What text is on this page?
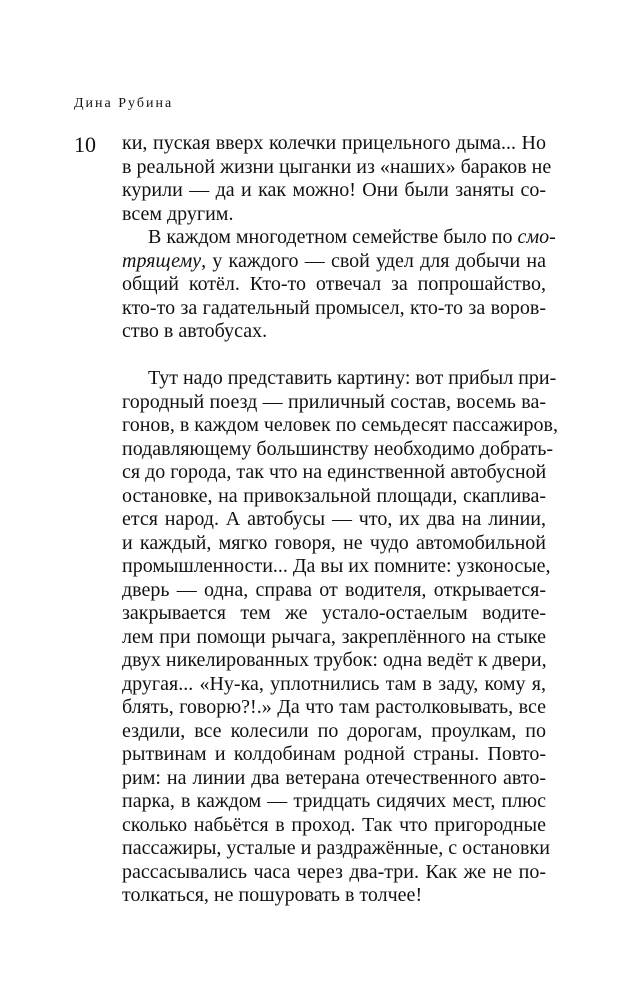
Дина Рубина
10 ки, пуская вверх колечки прицельного дыма... Но
в реальной жизни цыганки из «наших» бараков не
курили — да и как можно! Они были заняты со-
всем другим.
В каждом многодетном семействе было по смо-
трящему, у каждого — свой удел для добычи на
общий котёл. Кто-то отвечал за попрошайство,
кто-то за гадательный промысел, кто-то за воров-
ство в автобусах.
Тут надо представить картину: вот прибыл при-
городный поезд — приличный состав, восемь ва-
гонов, в каждом человек по семьдесят пассажиров,
подавляющему большинству необходимо добрать-
ся до города, так что на единственной автобусной
остановке, на привокзальной площади, скаплива-
ется народ. А автобусы — что, их два на линии,
и каждый, мягко говоря, не чудо автомобильной
промышленности... Да вы их помните: узконосые,
дверь — одна, справа от водителя, открывается-
закрывается тем же устало-остаелым водите-
лем при помощи рычага, закреплённого на стыке
двух никелированных трубок: одна ведёт к двери,
другая... «Ну-ка, уплотнились там в заду, кому я,
блять, говорю?!.» Да что там растолковывать, все
ездили, все колесили по дорогам, проулкам, по
рытвинам и колдобинам родной страны. Повто-
рим: на линии два ветерана отечественного авто-
парка, в каждом — тридцать сидячих мест, плюс
сколько набьётся в проход. Так что пригородные
пассажиры, усталые и раздражённые, с остановки
рассасывались часа через два-три. Как же не по-
толкаться, не пошуровать в толчее!
